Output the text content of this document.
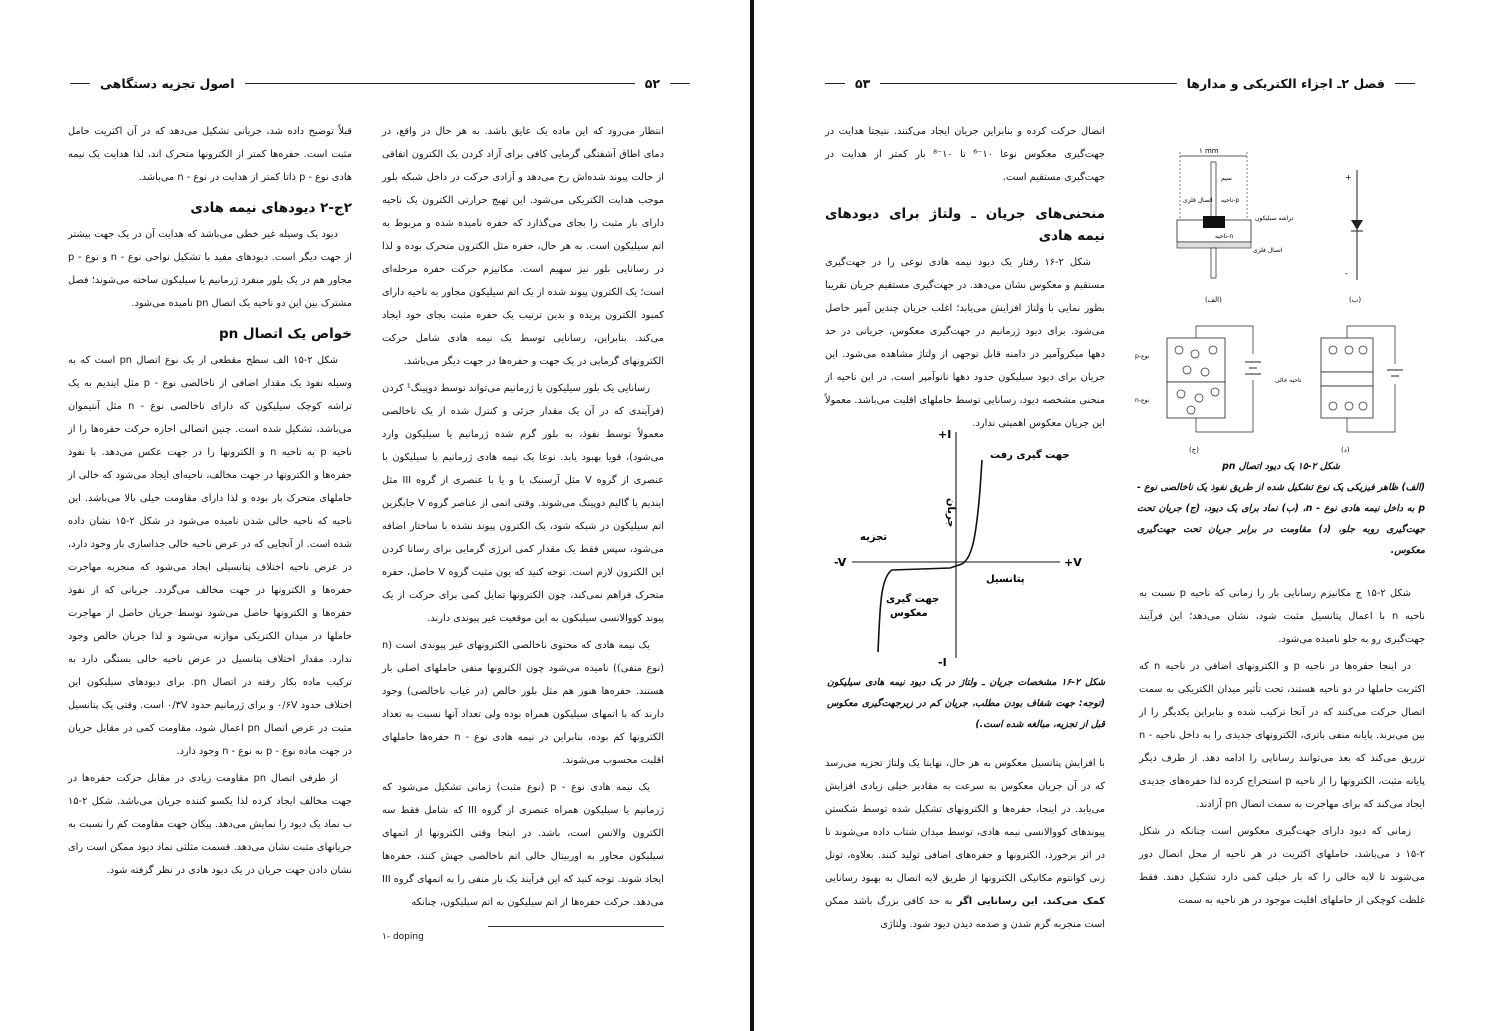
۵۲
اصول تجزیه دستگاهی

انتظار می‌رود که این ماده یک عایق باشد. به هر حال در واقع، در دمای اطاق آشفتگی گرمایی کافی برای آزاد کردن یک الکترون اتفاقی از حالت پیوند شده‌اش رخ می‌دهد و آزادی حرکت در داخل شبکه بلور موجب هدایت الکتریکی می‌شود. این تهیج حرارتی الکترون یک ناحیه دارای بار مثبت را بجای می‌گذارد که حفره نامیده شده و مربوط به اتم سیلیکون است. به هر حال، حفره مثل الکترون متحرک بوده و لذا در رسانایی بلور نیز سهیم است. مکانیزم حرکت حفره مرحله‌ای است؛ یک الکترون پیوند شده از یک اتم سیلیکون مجاور به ناحیه دارای کمبود الکترون پریده و بدین ترتیب یک حفره مثبت بجای خود ایجاد می‌کند. بنابراین، رسانایی توسط یک نیمه هادی شامل حرکت الکترونهای گرمایی در یک جهت و حفره‌ها در جهت دیگر می‌باشد.

رسانایی یک بلور سیلیکون یا ژرمانیم می‌تواند توسط دوپینگ¹ کردن (فرآیندی که در آن یک مقدار جزئی و کنترل شده از یک ناخالصی معمولاً توسط نفوذ، به بلور گرم شده ژرمانیم یا سیلیکون وارد می‌شود)، قویا بهبود یابد. نوعا یک نیمه هادی ژرمانیم یا سیلیکون با عنصری از گروه V مثل آرسنیک یا و یا با عنصری از گروه III مثل ایندیم یا گالیم دوپینگ می‌شوند. وقتی اتمی از عناصر گروه V جایگزین اتم سیلیکون در شبکه شود، یک الکترون پیوند نشده با ساختار اضافه می‌شود، سپس فقط یک مقدار کمی انرژی گرمایی برای رسانا کردن این الکترون لازم است. توجه کنید که یون مثبت گروه V حاصل، حفره متحرک فراهم نمی‌کند، چون الکترونها تمایل کمی برای حرکت از یک پیوند کووالانسی سیلیکون به این موقعیت غیر پیوندی دارند.

یک نیمه هادی که محتوی ناخالصی الکترونهای غیر پیوندی است (n (نوع منفی)) نامیده می‌شود چون الکترونها منفی حاملهای اصلی بار هستند. حفره‌ها هنوز هم مثل بلور خالص (در غیاب ناخالصی) وجود دارند که با اتمهای سیلیکون همراه بوده ولی تعداد آنها نسبت به تعداد الکترونها کم بوده، بنابراین در نیمه هادی نوع - n حفره‌ها حاملهای اقلیت محسوب می‌شوند.

یک نیمه هادی نوع - p (نوع مثبت) زمانی تشکیل می‌شود که ژرمانیم یا سیلیکون همراه عنصری از گروه III که شامل فقط سه الکترون والانس است، باشد. در اینجا وقتی الکترونها از اتمهای سیلیکون مجاور به اوربیتال خالی اتم ناخالصی جهش کنند، حفره‌ها ایجاد شوند. توجه کنید که این فرآیند یک بار منفی را به اتمهای گروه III می‌دهد. حرکت حفره‌ها از اتم سیلیکون به اتم سیلیکون، چنانکه

۱- doping

قبلاً توضیح داده شد، جریانی تشکیل می‌دهد که در آن اکثریت حامل مثبت است. حفره‌ها کمتر از الکترونها متحرک اند، لذا هدایت یک نیمه هادی نوع - p ذاتا کمتر از هدایت در نوع - n می‌باشد.

۲ج-۲ دیودهای نیمه هادی

دیود یک وسیله غیر خطی می‌باشد که هدایت آن در یک جهت بیشتر از جهت دیگر است. دیودهای مفید با تشکیل نواحی نوع - n و نوع - p مجاور هم در یک بلور منفرد ژرمانیم یا سیلیکون ساخته می‌شوند؛ فصل مشترک بین این دو ناحیه یک اتصال pn نامیده می‌شود.

خواص یک اتصال pn

شکل ۲-۱۵ الف سطح مقطعی از یک نوع اتصال pn است که به وسیله نفوذ یک مقدار اضافی از ناخالصی نوع - p مثل ایندیم به یک تراشه کوچک سیلیکون که دارای ناخالصی نوع - n مثل آنتیموان می‌باشد، تشکیل شده است. چنین اتصالی اجازه حرکت حفره‌ها را از ناحیه p به ناحیه n و الکترونها را در جهت عکس می‌دهد. با نفوذ حفره‌ها و الکترونها در جهت مخالف، ناحیه‌ای ایجاد می‌شود که خالی از حاملهای متحرک بار بوده و لذا دارای مقاومت خیلی بالا می‌باشد. این ناحیه که ناحیه خالی شدن نامیده می‌شود در شکل ۲-۱۵ نشان داده شده است. از آنجایی که در عرض ناحیه خالی جداسازی بار وجود دارد، در عرض ناحیه اختلاف پتانسیلی ایجاد می‌شود که منجربه مهاجرت حفره‌ها و الکترونها در جهت مخالف می‌گردد. جریانی که از نفوذ حفره‌ها و الکترونها حاصل می‌شود توسط جریان حاصل از مهاجرت حاملها در میدان الکتریکی موازنه می‌شود و لذا جریان خالص وجود ندارد. مقدار اختلاف پتانسیل در عرض ناحیه خالی بستگی دارد به ترکیب ماده بکار رفته در اتصال pn. برای دیودهای سیلیکون این اختلاف حدود ۰/۶V و برای ژرمانیم حدود ۰/۳V است. وقتی یک پتانسیل مثبت در عرض اتصال pn اعمال شود، مقاومت کمی در مقابل جریان در جهت ماده نوع - p به نوع - n وجود دارد.

از طرفی اتصال pn مقاومت زیادی در مقابل حرکت حفره‌ها در جهت مخالف ایجاد کرده لذا یکسو کننده جریان می‌باشد. شکل ۲-۱۵ ب نماد یک دیود را نمایش می‌دهد. پیکان جهت مقاومت کم را نسبت به جریانهای مثبت نشان می‌دهد. قسمت مثلثی نماد دیود ممکن است رای نشان دادن جهت جریان در یک دیود هادی در نظر گرفته شود.

فصل ۲ـ اجزاء الکتریکی و مدارها
۵۳

اتصال حرکت کرده و بنابراین جریان ایجاد می‌کنند. نتیجتا هدایت در جهت‌گیری معکوس نوعا ۱۰⁻⁶ تا ۱۰⁻⁸ بار کمتر از هدایت در جهت‌گیری مستقیم است.

منحنی‌های جریان ـ ولتاژ برای دیودهای نیمه هادی

شکل ۲-۱۶ رفتار یک دیود نیمه هادی نوعی را در جهت‌گیری مستقیم و معکوس نشان می‌دهد. در جهت‌گیری مستقیم جریان تقریبا بطور نمایی با ولتاژ افزایش می‌یابد؛ اغلب جریان چندین آمپر حاصل می‌شود. برای دیود ژرمانیم در جهت‌گیری معکوس، جریانی در حد دهها میکروآمپر در دامنه قابل توجهی از ولتاژ مشاهده می‌شود. این جریان برای دیود سیلیکون حدود دهها نانوآمپر است. در این ناحیه از منحنی مشخصه دیود، رسانایی توسط حاملهای اقلیت می‌باشد. معمولاً این جریان معکوس اهمیتی ندارد.

+I
-I
-V	+V
جهت گیری رفت
جریان
پتانسیل
تجزیه
جهت گیری
معکوس
شکل ۲-۱۶ مشخصات جریان ـ ولتاژ در یک دیود نیمه هادی سیلیکون (توجه: جهت شفاف بودن مطلب، جریان کم در زیرجهت‌گیری معکوس قبل از تجزیه، مبالغه شده است.)

با افزایش پتانسیل معکوس به هر حال، نهایتا یک ولتاژ تجزیه می‌رسد که در آن جریان معکوس به سرعت به مقادیر خیلی زیادی افزایش می‌یابد. در اینجا، حفره‌ها و الکترونهای تشکیل شده توسط شکستن پیوندهای کووالانسی نیمه هادی، توسط میدان شتاب داده می‌شوند تا در اثر برخورد، الکترونها و حفره‌های اضافی تولید کنند. بعلاوه، تونل زنی کوانتوم مکانیکی الکترونها از طریق لایه اتصال به بهبود رسانایی کمک می‌کند. این رسانایی اگر به حد کافی بزرگ باشد ممکن است منجربه گرم شدن و صدمه دیدن دیود شود. ولتاژی

۱ mm
سیم
اتصال فلزی ناحیه-p
تراشه سیلیکون
ناحیه-n
اتصال فلزی
(الف)
+
-
(ب)
p-نوع
n-نوع
(ج)
ناحیه خالی
(د)
شکل ۲-۱۵ یک دیود اتصال pn
(الف) ظاهر فیزیکی یک نوع تشکیل شده از طریق نفوذ یک ناخالصی نوع - p به داخل نیمه هادی نوع - n، (ب) نماد برای یک دیود، (ج) جریان تحت جهت‌گیری روبه جلو، (د) مقاومت در برابر جریان تحت جهت‌گیری معکوس.

شکل ۲-۱۵ ج مکانیزم رسانایی بار را زمانی که ناحیه p نسبت به ناحیه n با اعمال پتانسیل مثبت شود، نشان می‌دهد؛ این فرآیند جهت‌گیری رو به جلو نامیده می‌شود.

در اینجا حفره‌ها در ناحیه p و الکترونهای اضافی در ناحیه n که اکثریت حاملها در دو ناحیه هستند، تحت تأثیر میدان الکتریکی به سمت اتصال حرکت می‌کنند که در آنجا ترکیب شده و بنابراین یکدیگر را از بین می‌برند. پایانه منفی باتری، الکترونهای جدیدی را به داخل ناحیه - n تزریق می‌کند که بعد می‌توانند رسانایی را ادامه دهد. از طرف دیگر پایانه مثبت، الکترونها را از ناحیه p استخراج کرده لذا حفره‌های جدیدی ایجاد می‌کند که برای مهاجرت به سمت اتصال pn آزادند.

زمانی که دیود دارای جهت‌گیری معکوس است چنانکه در شکل ۲-۱۵ د می‌باشد، حاملهای اکثریت در هر ناحیه از محل اتصال دور می‌شوند تا لایه خالی را که بار خیلی کمی دارد تشکیل دهند. فقط غلظت کوچکی از حاملهای اقلیت موجود در هر ناحیه به سمت
